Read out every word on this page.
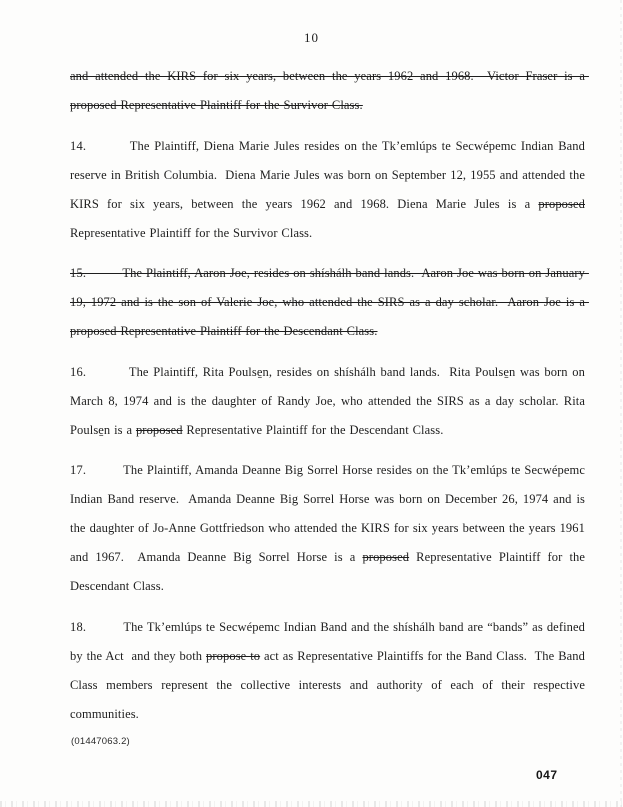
10

and attended the KIRS for six years, between the years 1962 and 1968.  Victor Fraser is a proposed Representative Plaintiff for the Survivor Class.

14.         The Plaintiff, Diena Marie Jules resides on the Tk’emlúps te Secwépemc Indian Band reserve in British Columbia.  Diena Marie Jules was born on September 12, 1955 and attended the KIRS for six years, between the years 1962 and 1968. Diena Marie Jules is a proposed Representative Plaintiff for the Survivor Class.

15.         The Plaintiff, Aaron Joe, resides on shíshálh band lands.  Aaron Joe was born on January 19, 1972 and is the son of Valerie Joe, who attended the SIRS as a day scholar.  Aaron Joe is a proposed Representative Plaintiff for the Descendant Class.

16.         The Plaintiff, Rita Poulse̱n, resides on shíshálh band lands.  Rita Poulse̱n was born on March 8, 1974 and is the daughter of Randy Joe, who attended the SIRS as a day scholar. Rita Poulse̱n is a proposed Representative Plaintiff for the Descendant Class.

17.         The Plaintiff, Amanda Deanne Big Sorrel Horse resides on the Tk’emlúps te Secwépemc Indian Band reserve.  Amanda Deanne Big Sorrel Horse was born on December 26, 1974 and is the daughter of Jo-Anne Gottfriedson who attended the KIRS for six years between the years 1961 and 1967.  Amanda Deanne Big Sorrel Horse is a proposed Representative Plaintiff for the Descendant Class.

18.         The Tk’emlúps te Secwépemc Indian Band and the shíshálh band are “bands” as defined by the Act  and they both propose to act as Representative Plaintiffs for the Band Class.  The Band Class members represent the collective interests and authority of each of their respective communities.

(01447063.2)
047
